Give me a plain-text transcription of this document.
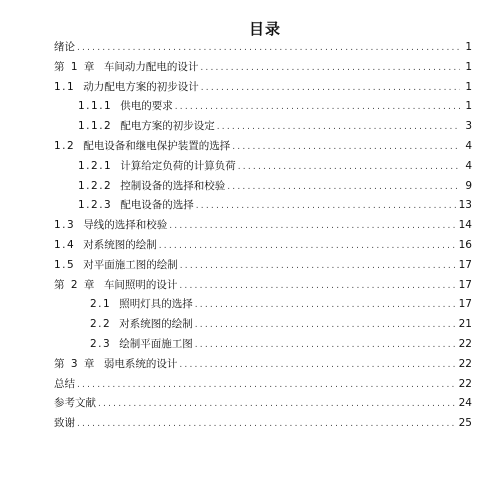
目录
绪论 .....	1
第 1 章 车间动力配电的设计 .....	1
1.1 动力配电方案的初步设计 .....	1
1.1.1 供电的要求 .....	1
1.1.2 配电方案的初步设定 .....	3
1.2 配电设备和继电保护装置的选择 .....	4
1.2.1 计算给定负荷的计算负荷 .....	4
1.2.2 控制设备的选择和校验 .....	9
1.2.3 配电设备的选择 .....	13
1.3 导线的选择和校验 .....	14
1.4 对系统图的绘制 .....	16
1.5 对平面施工图的绘制 .....	17
第 2 章 车间照明的设计 .....	17
2.1 照明灯具的选择 .....	17
2.2 对系统图的绘制 .....	21
2.3 绘制平面施工图 .....	22
第 3 章 弱电系统的设计 .....	22
总结 .....	22
参考文献 .....	24
致谢 .....	25
